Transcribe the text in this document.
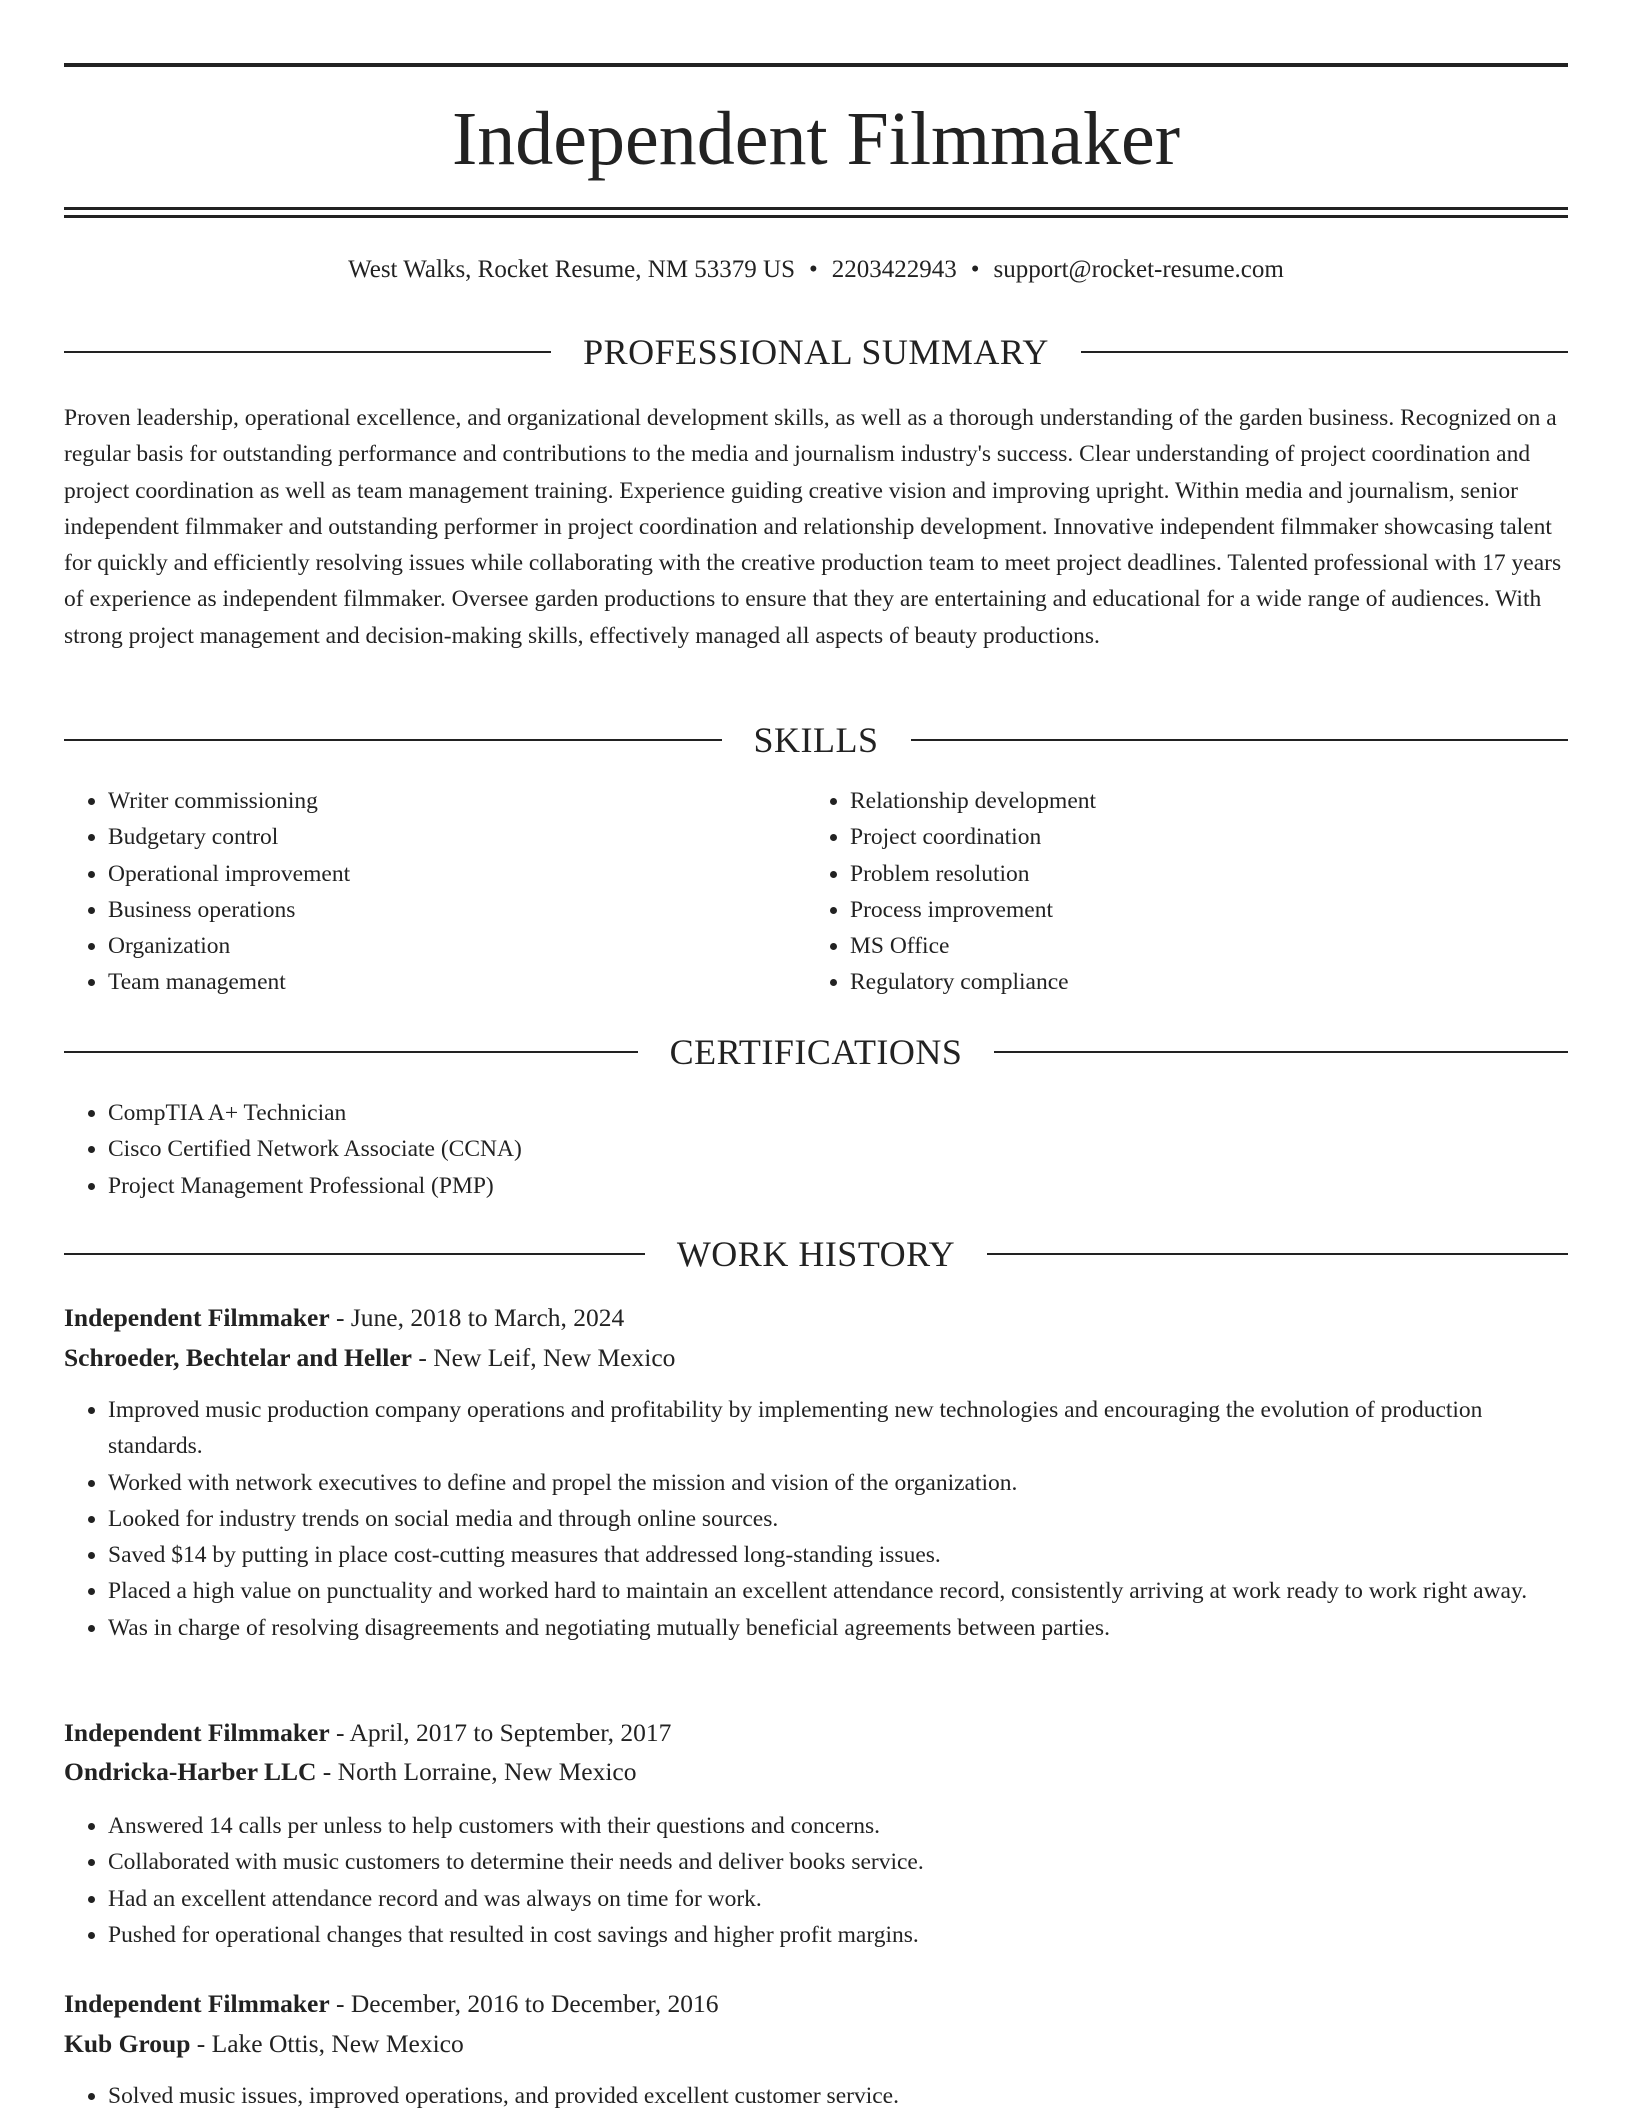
Independent Filmmaker
West Walks, Rocket Resume, NM 53379 US • 2203422943 • support@rocket-resume.com
PROFESSIONAL SUMMARY

Proven leadership, operational excellence, and organizational development skills, as well as a thorough understanding of the garden business. Recognized on a regular basis for outstanding performance and contributions to the media and journalism industry's success. Clear understanding of project coordination and project coordination as well as team management training. Experience guiding creative vision and improving upright. Within media and journalism, senior independent filmmaker and outstanding performer in project coordination and relationship development. Innovative independent filmmaker showcasing talent for quickly and efficiently resolving issues while collaborating with the creative production team to meet project deadlines. Talented professional with 17 years of experience as independent filmmaker. Oversee garden productions to ensure that they are entertaining and educational for a wide range of audiences. With strong project management and decision-making skills, effectively managed all aspects of beauty productions.

SKILLS
• Writer commissioning
• Budgetary control
• Operational improvement
• Business operations
• Organization
• Team management
• Relationship development
• Project coordination
• Problem resolution
• Process improvement
• MS Office
• Regulatory compliance
CERTIFICATIONS
• CompTIA A+ Technician
• Cisco Certified Network Associate (CCNA)
• Project Management Professional (PMP)
WORK HISTORY
Independent Filmmaker - June, 2018 to March, 2024
Schroeder, Bechtelar and Heller - New Leif, New Mexico
• Improved music production company operations and profitability by implementing new technologies and encouraging the evolution of production standards.
• Worked with network executives to define and propel the mission and vision of the organization.
• Looked for industry trends on social media and through online sources.
• Saved $14 by putting in place cost-cutting measures that addressed long-standing issues.
• Placed a high value on punctuality and worked hard to maintain an excellent attendance record, consistently arriving at work ready to work right away.
• Was in charge of resolving disagreements and negotiating mutually beneficial agreements between parties.
Independent Filmmaker - April, 2017 to September, 2017
Ondricka-Harber LLC - North Lorraine, New Mexico
• Answered 14 calls per unless to help customers with their questions and concerns.
• Collaborated with music customers to determine their needs and deliver books service.
• Had an excellent attendance record and was always on time for work.
• Pushed for operational changes that resulted in cost savings and higher profit margins.
Independent Filmmaker - December, 2016 to December, 2016
Kub Group - Lake Ottis, New Mexico
• Solved music issues, improved operations, and provided excellent customer service.
